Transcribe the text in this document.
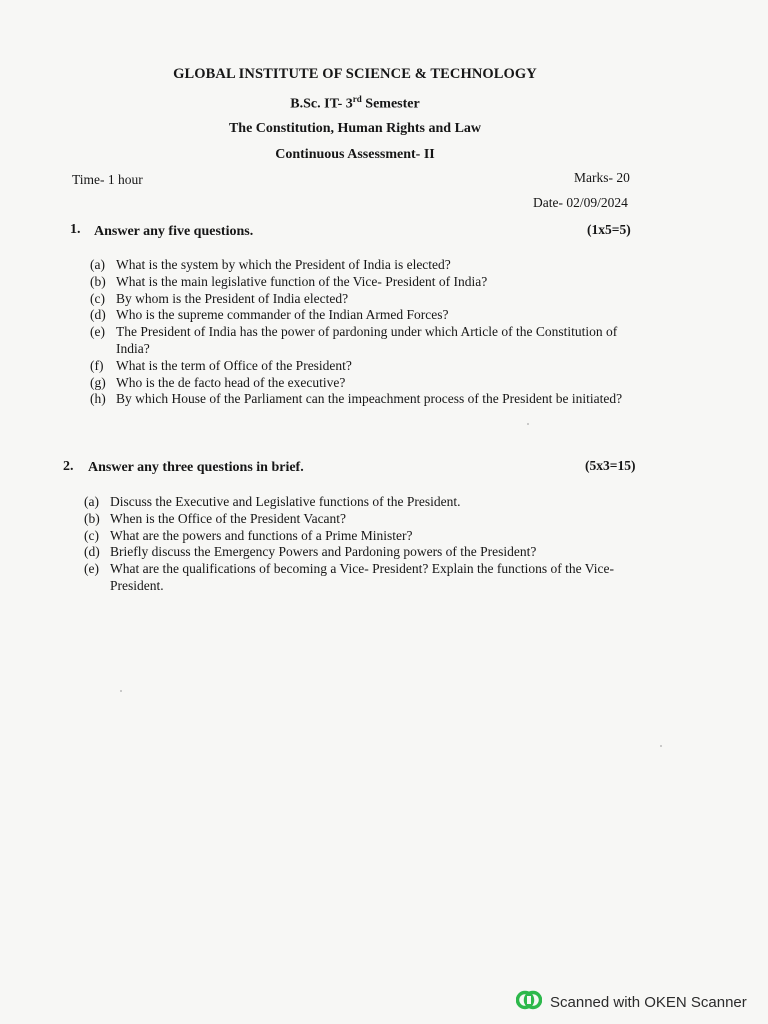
GLOBAL INSTITUTE OF SCIENCE & TECHNOLOGY
B.Sc. IT- 3rd Semester
The Constitution, Human Rights and Law
Continuous Assessment- II
Time- 1 hour	Marks- 20
Date- 02/09/2024
1. Answer any five questions.	(1x5=5)
(a) What is the system by which the President of India is elected?
(b) What is the main legislative function of the Vice- President of India?
(c) By whom is the President of India elected?
(d) Who is the supreme commander of the Indian Armed Forces?
(e) The President of India has the power of pardoning under which Article of the Constitution of India?
(f) What is the term of Office of the President?
(g) Who is the de facto head of the executive?
(h) By which House of the Parliament can the impeachment process of the President be initiated?
2. Answer any three questions in brief.	(5x3=15)
(a) Discuss the Executive and Legislative functions of the President.
(b) When is the Office of the President Vacant?
(c) What are the powers and functions of a Prime Minister?
(d) Briefly discuss the Emergency Powers and Pardoning powers of the President?
(e) What are the qualifications of becoming a Vice- President? Explain the functions of the Vice- President.
Scanned with OKEN Scanner
